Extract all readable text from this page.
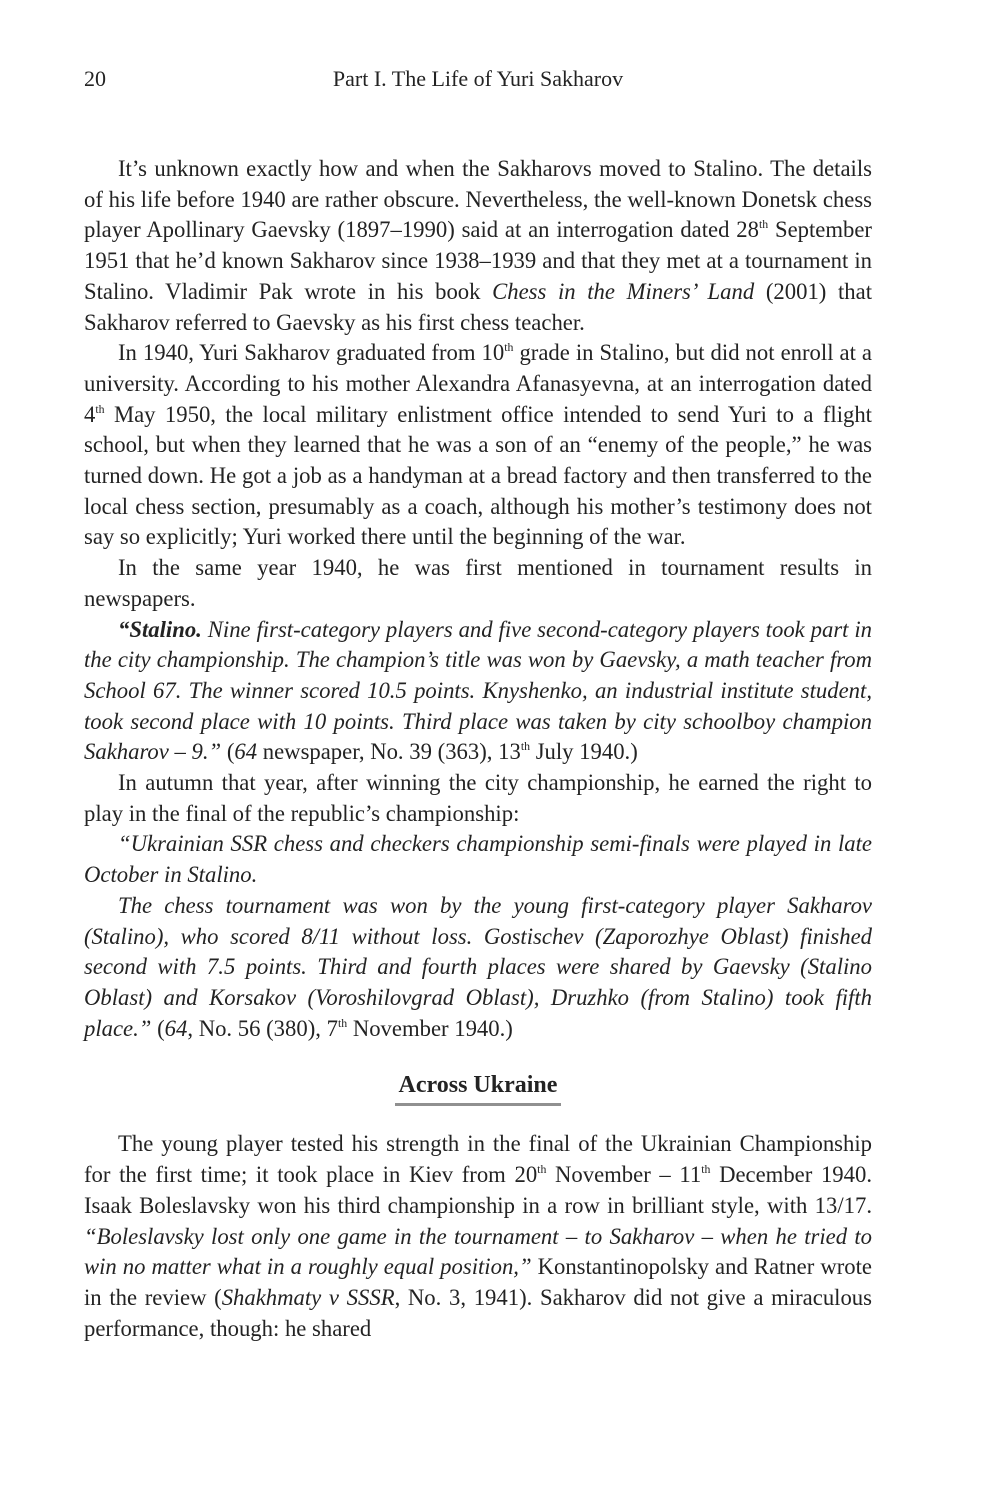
20	Part I. The Life of Yuri Sakharov

It’s unknown exactly how and when the Sakharovs moved to Stalino. The details of his life before 1940 are rather obscure. Nevertheless, the well-known Donetsk chess player Apollinary Gaevsky (1897–1990) said at an interrogation dated 28th September 1951 that he’d known Sakharov since 1938–1939 and that they met at a tournament in Stalino. Vladimir Pak wrote in his book Chess in the Miners’ Land (2001) that Sakharov referred to Gaevsky as his first chess teacher.

In 1940, Yuri Sakharov graduated from 10th grade in Stalino, but did not enroll at a university. According to his mother Alexandra Afanasyevna, at an interrogation dated 4th May 1950, the local military enlistment office intended to send Yuri to a flight school, but when they learned that he was a son of an “enemy of the people,” he was turned down. He got a job as a handyman at a bread factory and then transferred to the local chess section, presumably as a coach, although his mother’s testimony does not say so explicitly; Yuri worked there until the beginning of the war.

In the same year 1940, he was first mentioned in tournament results in newspapers.

“Stalino. Nine first-category players and five second-category players took part in the city championship. The champion’s title was won by Gaevsky, a math teacher from School 67. The winner scored 10.5 points. Knyshenko, an industrial institute student, took second place with 10 points. Third place was taken by city schoolboy champion Sakharov – 9.” (64 newspaper, No. 39 (363), 13th July 1940.)

In autumn that year, after winning the city championship, he earned the right to play in the final of the republic’s championship:

“Ukrainian SSR chess and checkers championship semi-finals were played in late October in Stalino.

The chess tournament was won by the young first-category player Sakharov (Stalino), who scored 8/11 without loss. Gostischev (Zaporozhye Oblast) finished second with 7.5 points. Third and fourth places were shared by Gaevsky (Stalino Oblast) and Korsakov (Voroshilovgrad Oblast), Druzhko (from Stalino) took fifth place.” (64, No. 56 (380), 7th November 1940.)

Across Ukraine

The young player tested his strength in the final of the Ukrainian Championship for the first time; it took place in Kiev from 20th November – 11th December 1940. Isaak Boleslavsky won his third championship in a row in brilliant style, with 13/17. “Boleslavsky lost only one game in the tournament – to Sakharov – when he tried to win no matter what in a roughly equal position,” Konstantinopolsky and Ratner wrote in the review (Shakhmaty v SSSR, No. 3, 1941). Sakharov did not give a miraculous performance, though: he shared
